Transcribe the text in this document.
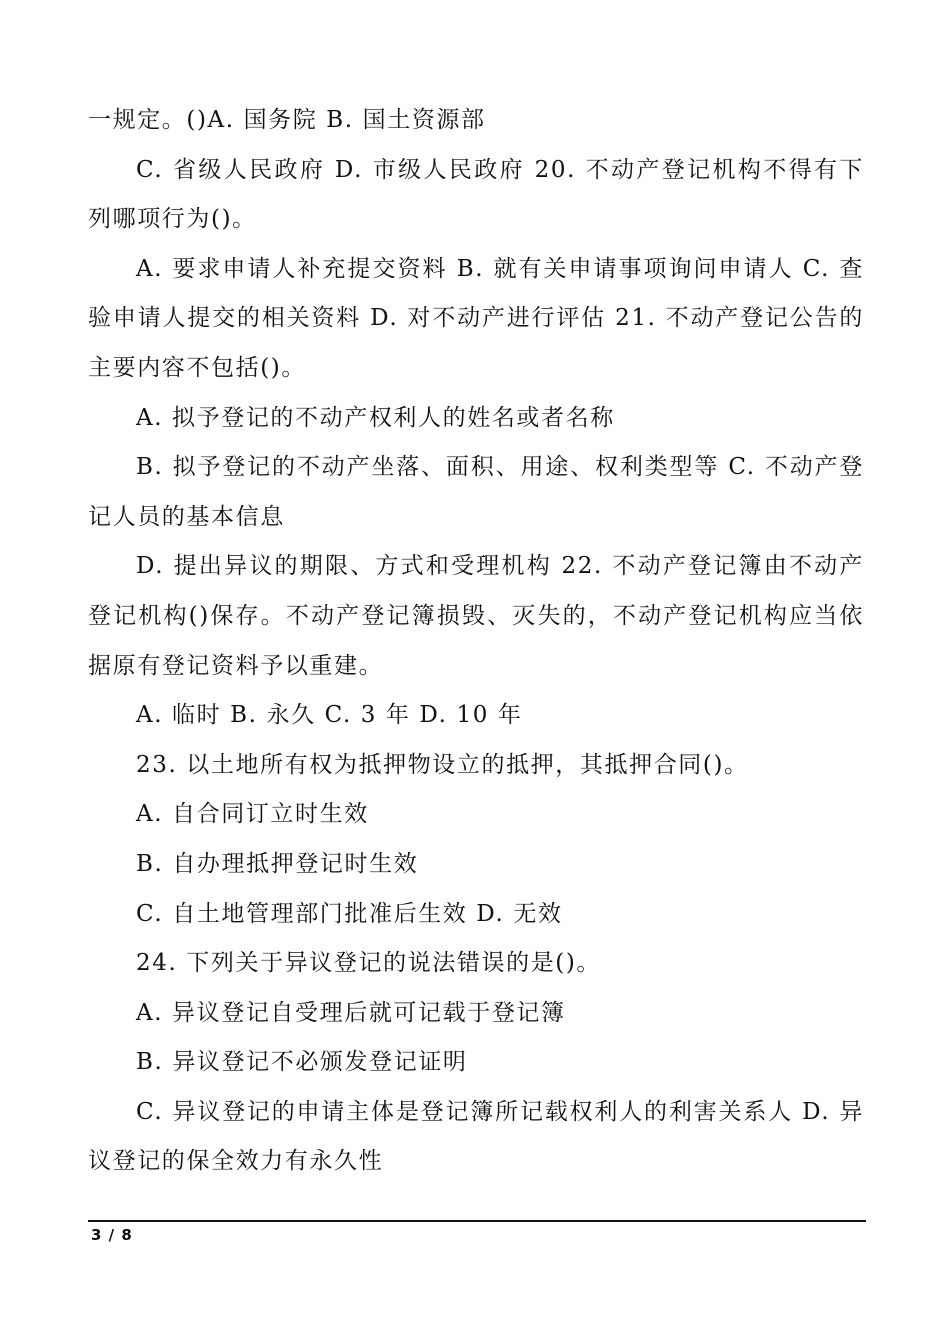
一规定。()A. 国务院 B. 国土资源部

C. 省级人民政府 D. 市级人民政府 20. 不动产登记机构不得有下列哪项行为()。

A. 要求申请人补充提交资料 B. 就有关申请事项询问申请人 C. 查验申请人提交的相关资料 D. 对不动产进行评估 21. 不动产登记公告的主要内容不包括()。

A. 拟予登记的不动产权利人的姓名或者名称

B. 拟予登记的不动产坐落、面积、用途、权利类型等 C. 不动产登记人员的基本信息

D. 提出异议的期限、方式和受理机构 22. 不动产登记簿由不动产登记机构()保存。不动产登记簿损毁、灭失的，不动产登记机构应当依据原有登记资料予以重建。

A. 临时 B. 永久 C. 3 年 D. 10 年

23. 以土地所有权为抵押物设立的抵押，其抵押合同()。

A. 自合同订立时生效

B. 自办理抵押登记时生效

C. 自土地管理部门批准后生效 D. 无效

24. 下列关于异议登记的说法错误的是()。

A. 异议登记自受理后就可记载于登记簿

B. 异议登记不必颁发登记证明

C. 异议登记的申请主体是登记簿所记载权利人的利害关系人 D. 异议登记的保全效力有永久性

3 / 8
